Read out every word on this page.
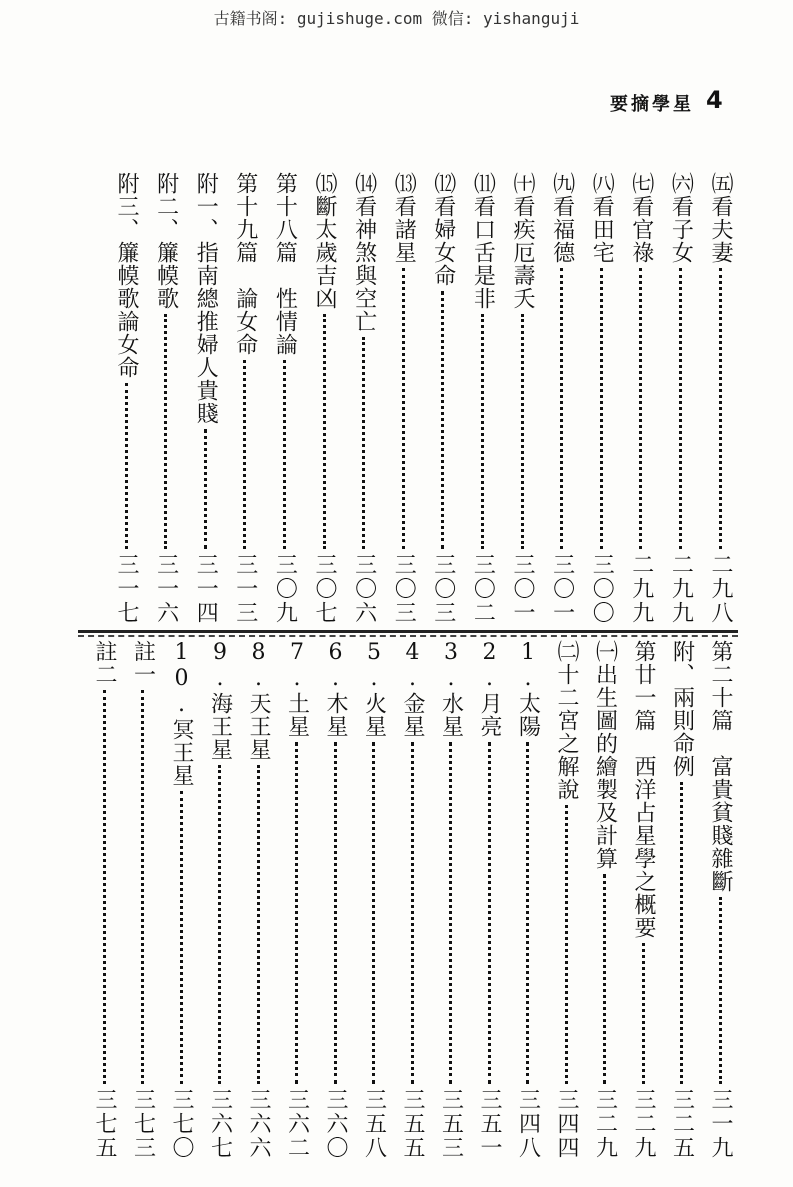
古籍书阁: gujishuge.com 微信: yishanguji
要摘學星 4
㈤看夫妻
二九八
㈥看子女
二九九
㈦看官祿
二九九
㈧看田宅
三〇〇
㈨看福德
三〇一
㈩看疾厄壽夭
三〇一
⑾看口舌是非
三〇二
⑿看婦女命
三〇三
⒀看諸星
三〇三
⒁看神煞與空亡
三〇六
⒂斷太歲吉凶
三〇七
第十八篇　性情論
三〇九
第十九篇　論女命
三一三
附一、指南總推婦人貴賤
三一四
附二、簾幙歌
三一六
附三、簾幙歌論女命
三一七
第二十篇　富貴貧賤雜斷
三一九
附、兩則命例
三二五
第廿一篇　西洋占星學之概要
三二九
㈠出生圖的繪製及計算
三二九
㈡十二宮之解說
三四四
1.太陽
三四八
2.月亮
三五一
3.水星
三五三
4.金星
三五五
5.火星
三五八
6.木星
三六〇
7.土星
三六二
8.天王星
三六六
9.海王星
三六七
10.冥王星
三七〇
註一
三七三
註二
三七五
